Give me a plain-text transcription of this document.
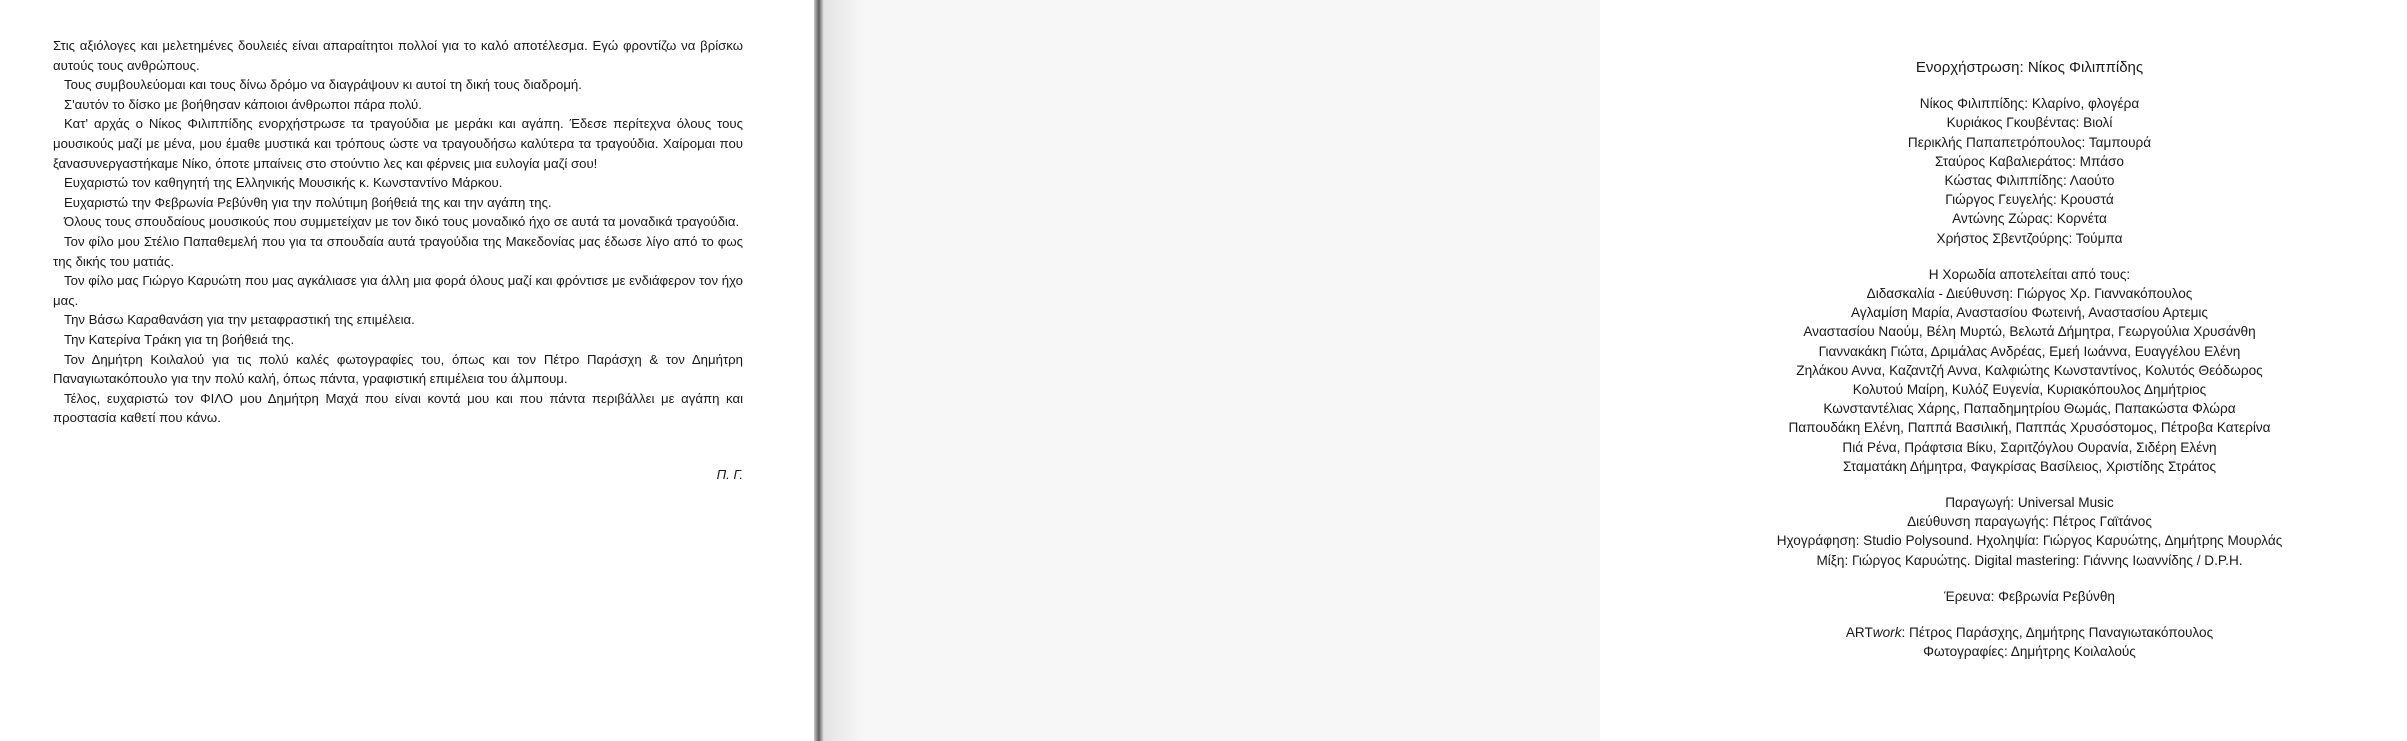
Στις αξιόλογες και μελετημένες δουλειές είναι απαραίτητοι πολλοί για το καλό αποτέλεσμα. Εγώ φροντίζω να βρίσκω αυτούς τους ανθρώπους.

Τους συμβουλεύομαι και τους δίνω δρόμο να διαγράψουν κι αυτοί τη δική τους διαδρομή.

Σ'αυτόν το δίσκο με βοήθησαν κάποιοι άνθρωποι πάρα πολύ.

Κατ' αρχάς ο Νίκος Φιλιππίδης ενορχήστρωσε τα τραγούδια με μεράκι και αγάπη. Έδεσε περίτεχνα όλους τους μουσικούς μαζί με μένα, μου έμαθε μυστικά και τρόπους ώστε να τραγουδήσω καλύτερα τα τραγούδια. Χαίρομαι που ξανασυνεργαστήκαμε Νίκο, όποτε μπαίνεις στο στούντιο λες και φέρνεις μια ευλογία μαζί σου!

Ευχαριστώ τον καθηγητή της Ελληνικής Μουσικής κ. Κωνσταντίνο Μάρκου.

Ευχαριστώ την Φεβρωνία Ρεβύνθη για την πολύτιμη βοήθειά της και την αγάπη της.

Όλους τους σπουδαίους μουσικούς που συμμετείχαν με τον δικό τους μοναδικό ήχο σε αυτά τα μοναδικά τραγούδια.

Τον φίλο μου Στέλιο Παπαθεμελή που για τα σπουδαία αυτά τραγούδια της Μακεδονίας μας έδωσε λίγο από το φως της δικής του ματιάς.

Τον φίλο μας Γιώργο Καρυώτη που μας αγκάλιασε για άλλη μια φορά όλους μαζί και φρόντισε με ενδιάφερον τον ήχο μας.

Την Βάσω Καραθανάση για την μεταφραστική της επιμέλεια.

Την Κατερίνα Τράκη για τη βοήθειά της.

Τον Δημήτρη Κοιλαλού για τις πολύ καλές φωτογραφίες του, όπως και τον Πέτρο Παράσχη & τον Δημήτρη Παναγιωτακόπουλο για την πολύ καλή, όπως πάντα, γραφιστική επιμέλεια του άλμπουμ.

Τέλος, ευχαριστώ τον ΦΙΛΟ μου Δημήτρη Μαχά που είναι κοντά μου και που πάντα περιβάλλει με αγάπη και προστασία καθετί που κάνω.

Π. Γ.
Ενορχήστρωση: Νίκος Φιλιππίδης
Νίκος Φιλιππίδης: Κλαρίνο, φλογέρα
Κυριάκος Γκουβέντας: Βιολί
Περικλής Παπαπετρόπουλος: Ταμπουρά
Σταύρος Καβαλιεράτος: Μπάσο
Κώστας Φιλιππίδης: Λαούτο
Γιώργος Γευγελής: Κρουστά
Αντώνης Ζώρας: Κορνέτα
Χρήστος Σβεντζούρης: Τούμπα
Η Χορωδία αποτελείται από τους:
Διδασκαλία - Διεύθυνση: Γιώργος Χρ. Γιαννακόπουλος
Αγλαμίση Μαρία, Αναστασίου Φωτεινή, Αναστασίου Αρτεμις
Αναστασίου Ναούμ, Βέλη Μυρτώ, Βελωτά Δήμητρα, Γεωργούλια Χρυσάνθη
Γιαννακάκη Γιώτα, Δριμάλας Ανδρέας, Εμεή Ιωάννα, Ευαγγέλου Ελένη
Ζηλάκου Αννα, Καζαντζή Αννα, Καλφιώτης Κωνσταντίνος, Κολυτός Θεόδωρος
Κολυτού Μαίρη, Κυλόζ Ευγενία, Κυριακόπουλος Δημήτριος
Κωνσταντέλιας Χάρης, Παπαδημητρίου Θωμάς, Παπακώστα Φλώρα
Παπουδάκη Ελένη, Παππά Βασιλική, Παππάς Χρυσόστομος, Πέτροβα Κατερίνα
Πιά Ρένα, Πράφτσια Βίκυ, Σαριτζόγλου Ουρανία, Σιδέρη Ελένη
Σταματάκη Δήμητρα, Φαγκρίσας Βασίλειος, Χριστίδης Στράτος
Παραγωγή: Universal Music
Διεύθυνση παραγωγής: Πέτρος Γαϊτάνος
Ηχογράφηση: Studio Polysound. Ηχοληψία: Γιώργος Καρυώτης, Δημήτρης Μουρλάς
Μίξη: Γιώργος Καρυώτης. Digital mastering: Γιάννης Ιωαννίδης / D.P.H.
Έρευνα: Φεβρωνία Ρεβύνθη
ARTwork: Πέτρος Παράσχης, Δημήτρης Παναγιωτακόπουλος
Φωτογραφίες: Δημήτρης Κοιλαλούς
